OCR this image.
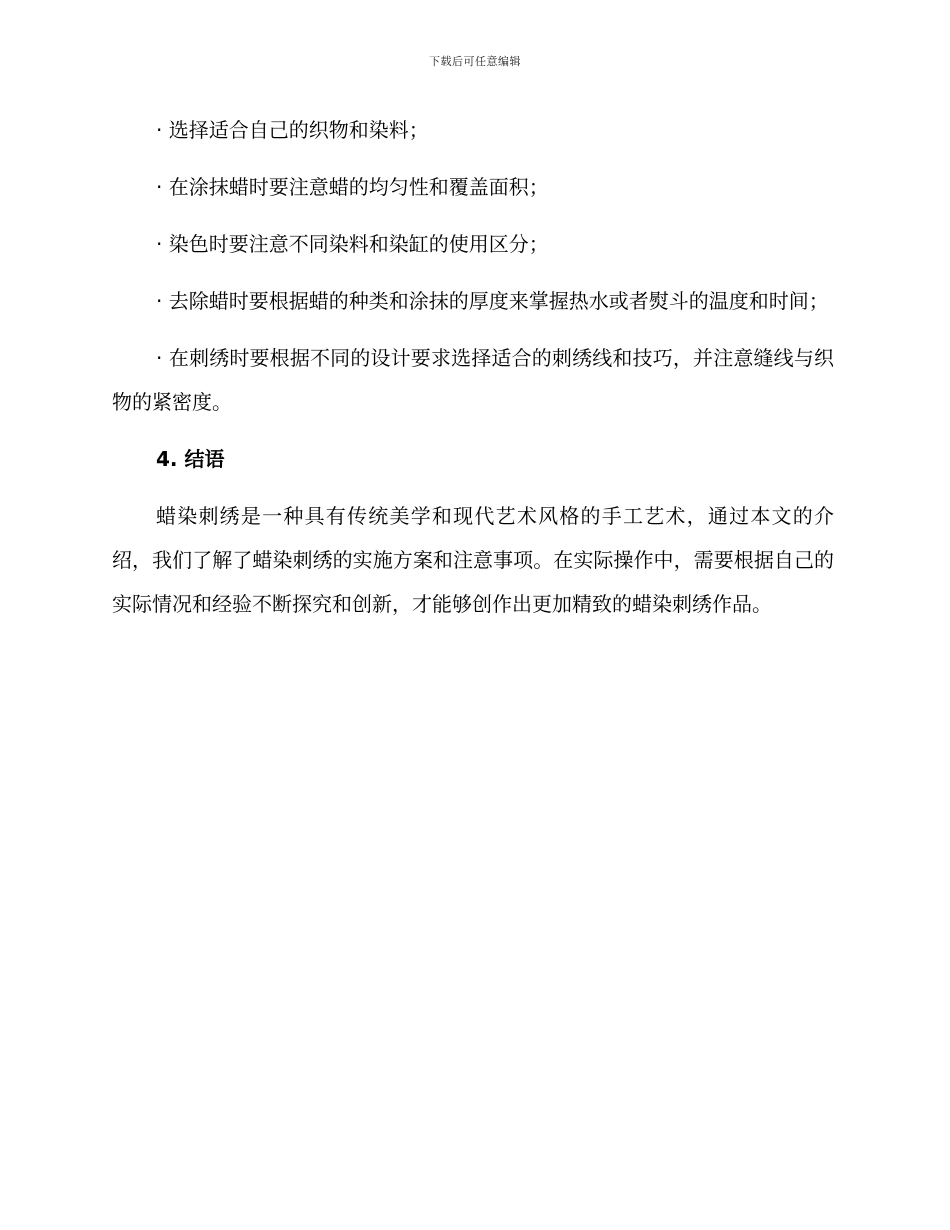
下载后可任意编辑

· 选择适合自己的织物和染料；

· 在涂抹蜡时要注意蜡的均匀性和覆盖面积；

· 染色时要注意不同染料和染缸的使用区分；

· 去除蜡时要根据蜡的种类和涂抹的厚度来掌握热水或者熨斗的温度和时间；

· 在刺绣时要根据不同的设计要求选择适合的刺绣线和技巧，并注意缝线与织物的紧密度。

4. 结语

蜡染刺绣是一种具有传统美学和现代艺术风格的手工艺术，通过本文的介绍，我们了解了蜡染刺绣的实施方案和注意事项。在实际操作中，需要根据自己的实际情况和经验不断探究和创新，才能够创作出更加精致的蜡染刺绣作品。
